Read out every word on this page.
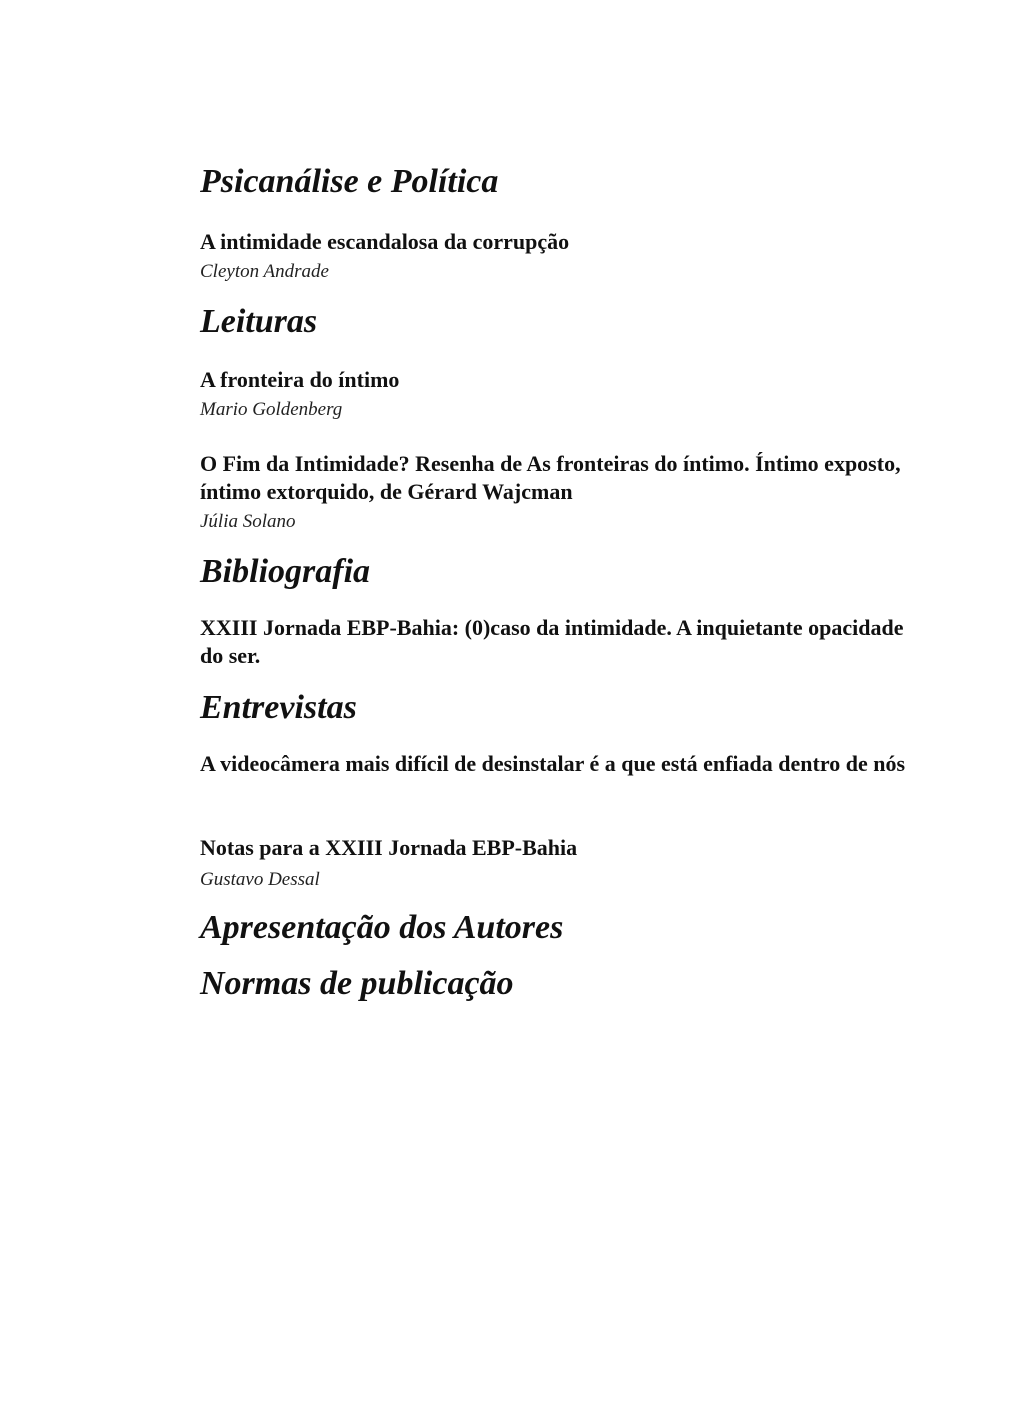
Psicanálise e Política

A intimidade escandalosa da corrupção

Cleyton Andrade

Leituras

A fronteira do íntimo

Mario Goldenberg

O Fim da Intimidade? Resenha de As fronteiras do íntimo. Íntimo exposto, íntimo extorquido, de Gérard Wajcman

Júlia Solano

Bibliografia

XXIII Jornada EBP-Bahia: (0)caso da intimidade. A inquietante opacidade do ser.

Entrevistas

A videocâmera mais difícil de desinstalar é a que está enfiada dentro de nós

Notas para a XXIII Jornada EBP-Bahia

Gustavo Dessal

Apresentação dos Autores
Normas de publicação
